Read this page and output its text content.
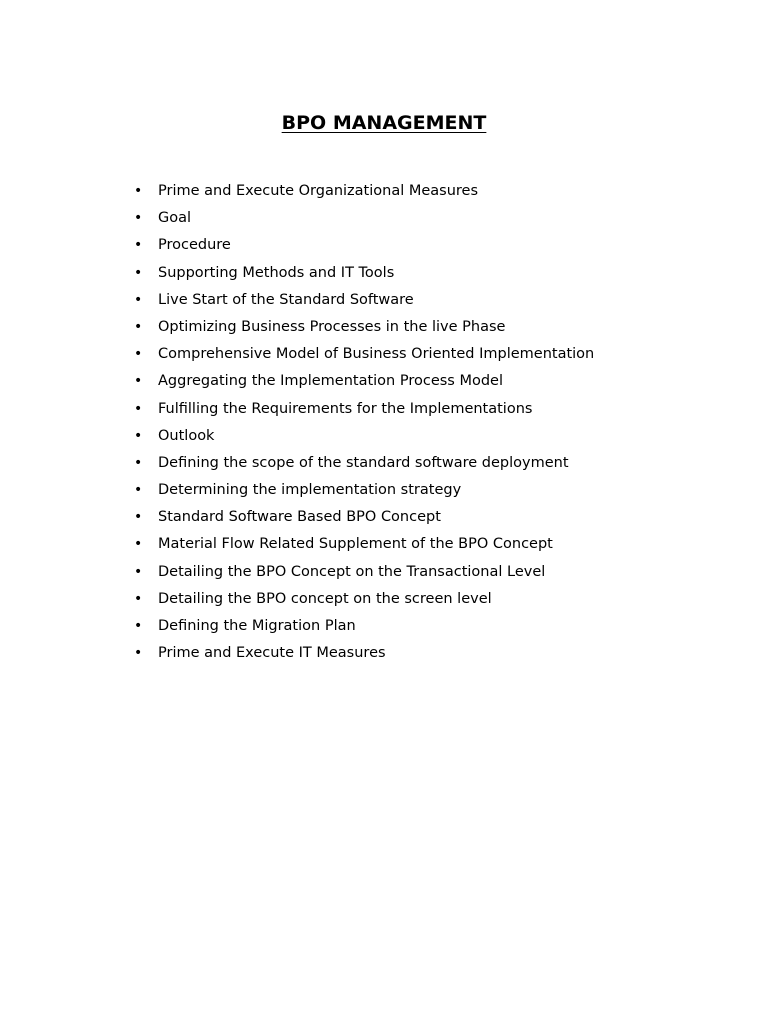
BPO MANAGEMENT
• Prime and Execute Organizational Measures
• Goal
• Procedure
• Supporting Methods and IT Tools
• Live Start of the Standard Software
• Optimizing Business Processes in the live Phase
• Comprehensive Model of Business Oriented Implementation
• Aggregating the Implementation Process Model
• Fulfilling the Requirements for the Implementations
• Outlook
• Defining the scope of the standard software deployment
• Determining the implementation strategy
• Standard Software Based BPO Concept
• Material Flow Related Supplement of the BPO Concept
• Detailing the BPO Concept on the Transactional Level
• Detailing the BPO concept on the screen level
• Defining the Migration Plan
• Prime and Execute IT Measures
